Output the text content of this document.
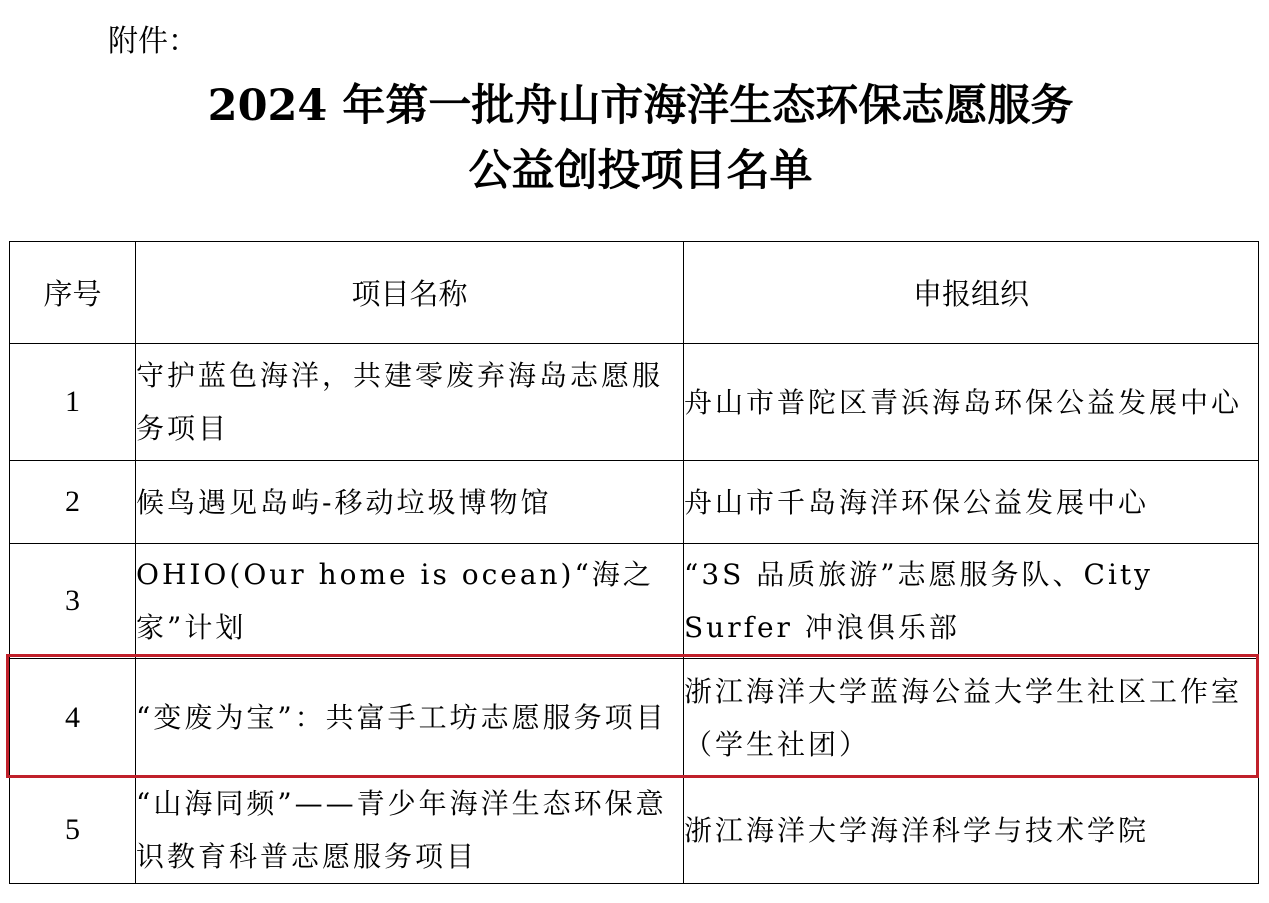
附件：
2024 年第一批舟山市海洋生态环保志愿服务
公益创投项目名单
序号	项目名称	申报组织
1	守护蓝色海洋，共建零废弃海岛志愿服务项目	舟山市普陀区青浜海岛环保公益发展中心
2	候鸟遇见岛屿-移动垃圾博物馆	舟山市千岛海洋环保公益发展中心
3	OHIO(Our home is ocean)“海之家”计划	“3S 品质旅游”志愿服务队、City Surfer 冲浪俱乐部
4	“变废为宝”：共富手工坊志愿服务项目	浙江海洋大学蓝海公益大学生社区工作室（学生社团）
5	“山海同频”——青少年海洋生态环保意识教育科普志愿服务项目	浙江海洋大学海洋科学与技术学院
